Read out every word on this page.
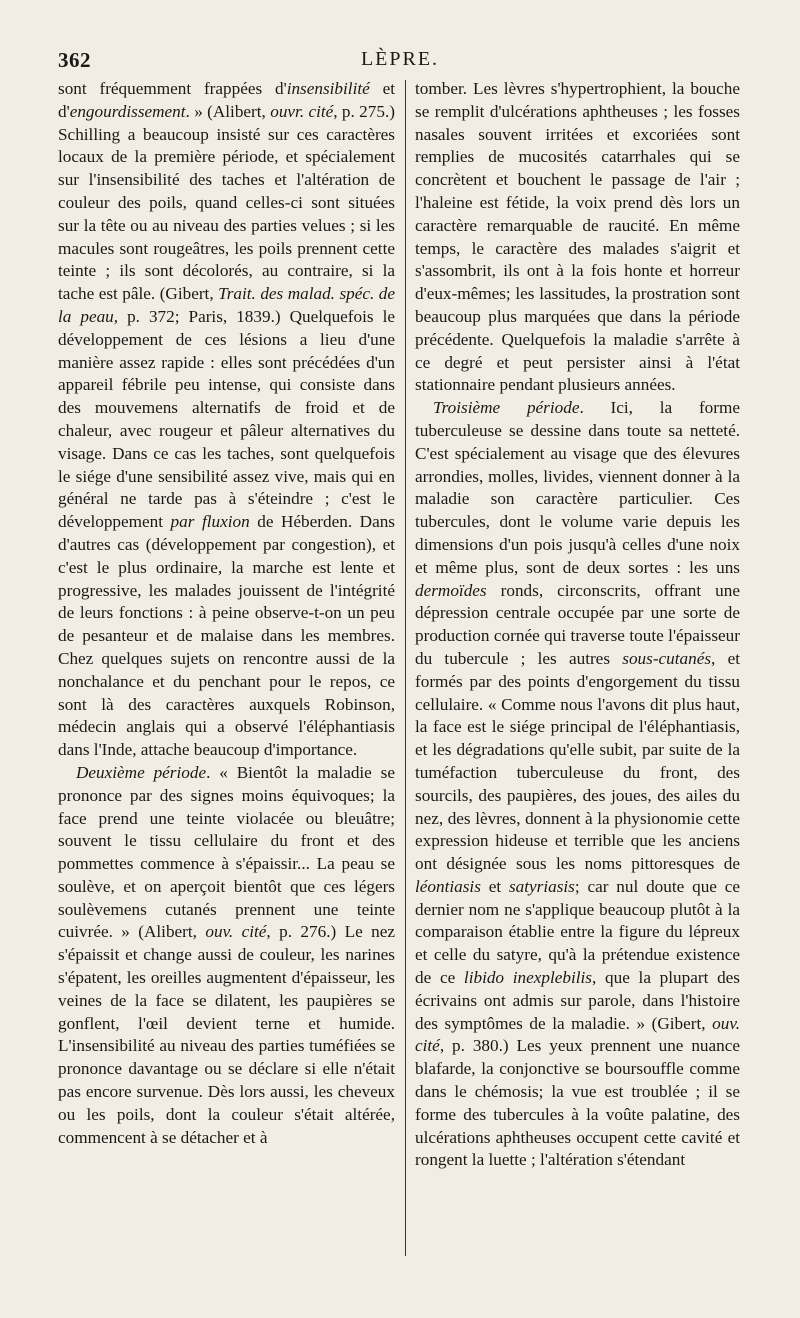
362	LÈPRE.

sont fréquemment frappées d'insensibilité et d'engourdissement. » (Alibert, ouvr. cité, p. 275.) Schilling a beaucoup insisté sur ces caractères locaux de la première période, et spécialement sur l'insensibilité des taches et l'altération de couleur des poils, quand celles-ci sont situées sur la tête ou au niveau des parties velues ; si les macules sont rougeâtres, les poils prennent cette teinte ; ils sont décolorés, au contraire, si la tache est pâle. (Gibert, Trait. des malad. spéc. de la peau, p. 372; Paris, 1839.) Quelquefois le développement de ces lésions a lieu d'une manière assez rapide : elles sont précédées d'un appareil fébrile peu intense, qui consiste dans des mouvemens alternatifs de froid et de chaleur, avec rougeur et pâleur alternatives du visage. Dans ce cas les taches, sont quelquefois le siége d'une sensibilité assez vive, mais qui en général ne tarde pas à s'éteindre ; c'est le développement par fluxion de Héberden. Dans d'autres cas (développement par congestion), et c'est le plus ordinaire, la marche est lente et progressive, les malades jouissent de l'intégrité de leurs fonctions : à peine observe-t-on un peu de pesanteur et de malaise dans les membres. Chez quelques sujets on rencontre aussi de la nonchalance et du penchant pour le repos, ce sont là des caractères auxquels Robinson, médecin anglais qui a observé l'éléphantiasis dans l'Inde, attache beaucoup d'importance.

Deuxième période. « Bientôt la maladie se prononce par des signes moins équivoques; la face prend une teinte violacée ou bleuâtre; souvent le tissu cellulaire du front et des pommettes commence à s'épaissir... La peau se soulève, et on aperçoit bientôt que ces légers soulèvemens cutanés prennent une teinte cuivrée. » (Alibert, ouv. cité, p. 276.) Le nez s'épaissit et change aussi de couleur, les narines s'épatent, les oreilles augmentent d'épaisseur, les veines de la face se dilatent, les paupières se gonflent, l'œil devient terne et humide. L'insensibilité au niveau des parties tuméfiées se prononce davantage ou se déclare si elle n'était pas encore survenue. Dès lors aussi, les cheveux ou les poils, dont la couleur s'était altérée, commencent à se détacher et à

tomber. Les lèvres s'hypertrophient, la bouche se remplit d'ulcérations aphtheuses ; les fosses nasales souvent irritées et excoriées sont remplies de mucosités catarrhales qui se concrètent et bouchent le passage de l'air ; l'haleine est fétide, la voix prend dès lors un caractère remarquable de raucité. En même temps, le caractère des malades s'aigrit et s'assombrit, ils ont à la fois honte et horreur d'eux-mêmes; les lassitudes, la prostration sont beaucoup plus marquées que dans la période précédente. Quelquefois la maladie s'arrête à ce degré et peut persister ainsi à l'état stationnaire pendant plusieurs années.

Troisième période. Ici, la forme tuberculeuse se dessine dans toute sa netteté. C'est spécialement au visage que des élevures arrondies, molles, livides, viennent donner à la maladie son caractère particulier. Ces tubercules, dont le volume varie depuis les dimensions d'un pois jusqu'à celles d'une noix et même plus, sont de deux sortes : les uns dermoïdes ronds, circonscrits, offrant une dépression centrale occupée par une sorte de production cornée qui traverse toute l'épaisseur du tubercule ; les autres sous-cutanés, et formés par des points d'engorgement du tissu cellulaire. « Comme nous l'avons dit plus haut, la face est le siége principal de l'éléphantiasis, et les dégradations qu'elle subit, par suite de la tuméfaction tuberculeuse du front, des sourcils, des paupières, des joues, des ailes du nez, des lèvres, donnent à la physionomie cette expression hideuse et terrible que les anciens ont désignée sous les noms pittoresques de léontiasis et satyriasis; car nul doute que ce dernier nom ne s'applique beaucoup plutôt à la comparaison établie entre la figure du lépreux et celle du satyre, qu'à la prétendue existence de ce libido inexplebilis, que la plupart des écrivains ont admis sur parole, dans l'histoire des symptômes de la maladie. » (Gibert, ouv. cité, p. 380.) Les yeux prennent une nuance blafarde, la conjonctive se boursouffle comme dans le chémosis; la vue est troublée ; il se forme des tubercules à la voûte palatine, des ulcérations aphtheuses occupent cette cavité et rongent la luette ; l'altération s'étendant
